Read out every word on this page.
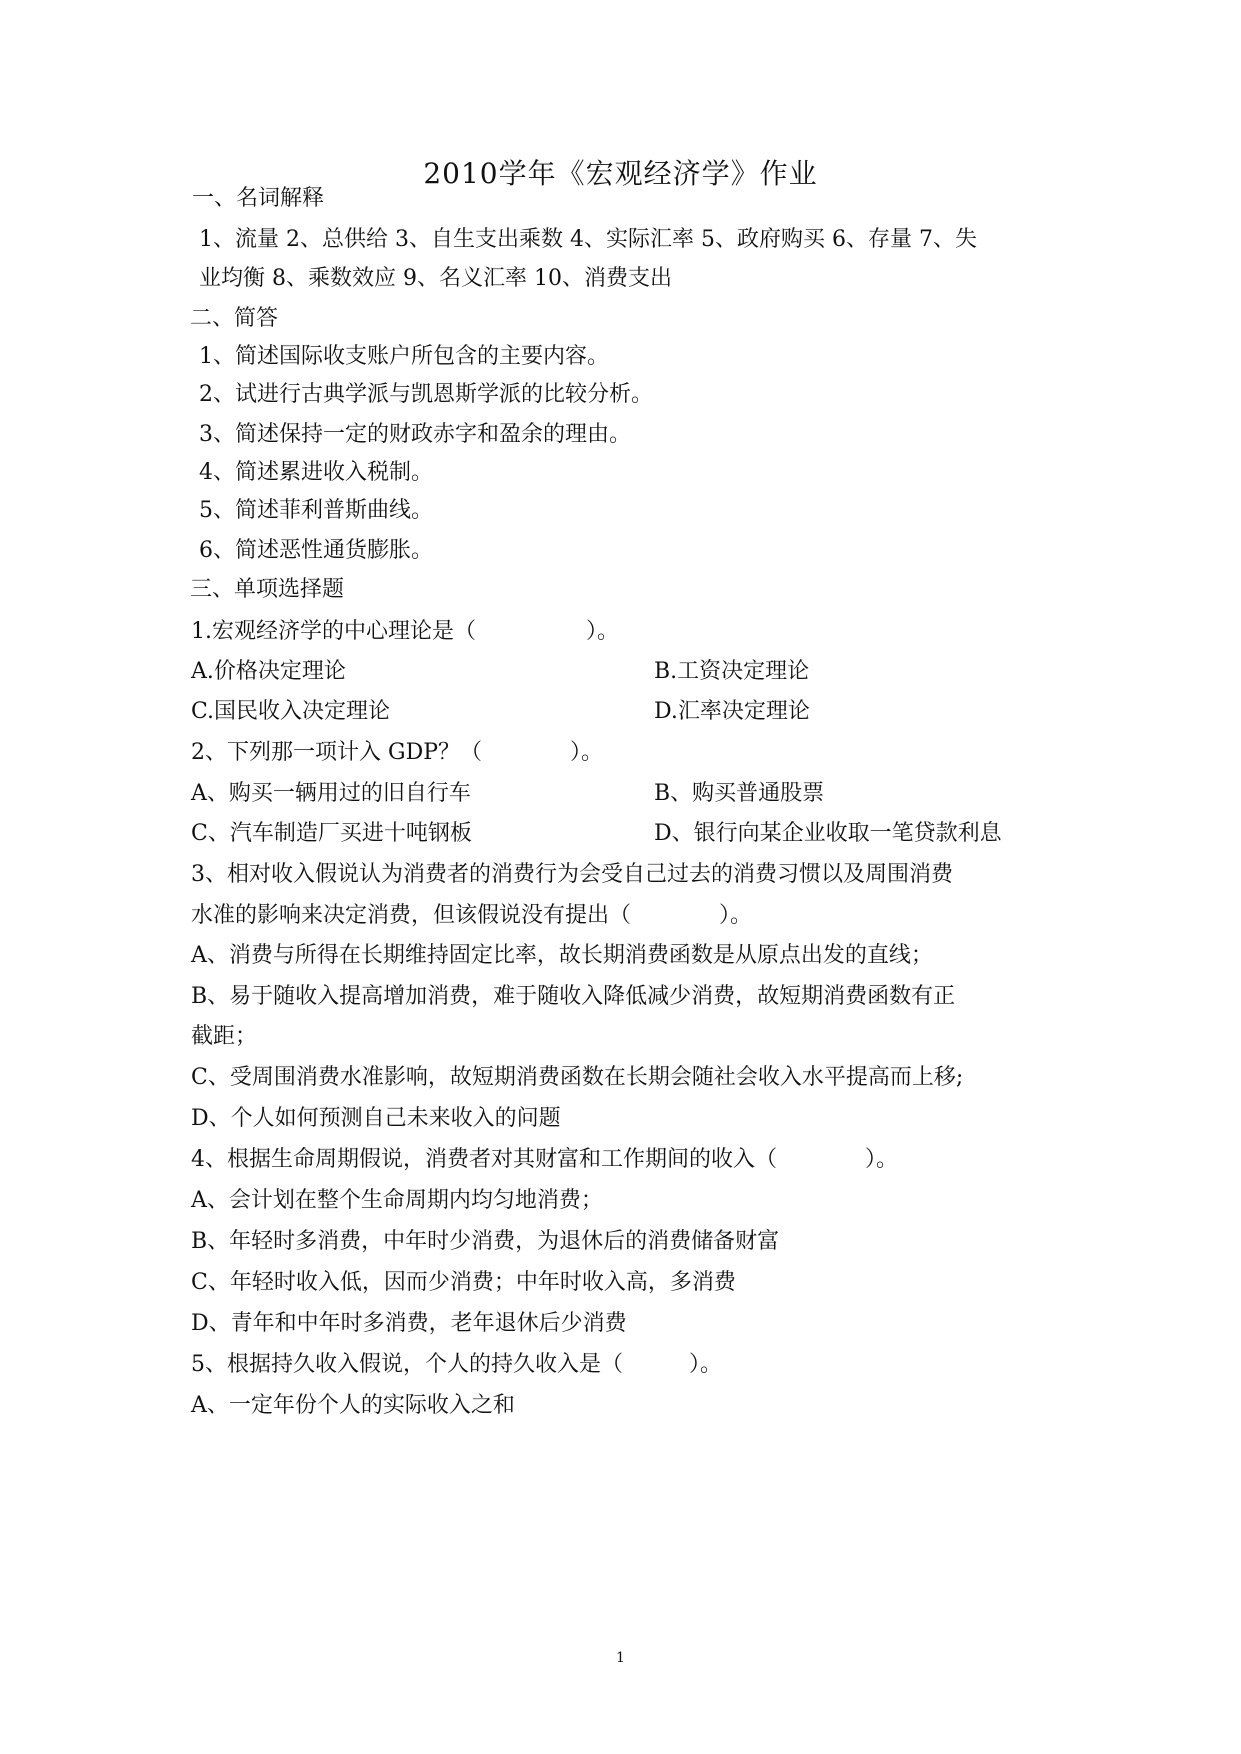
2010学年《宏观经济学》作业
一、名词解释
1、流量 2、总供给 3、自生支出乘数 4、实际汇率 5、政府购买 6、存量 7、失
业均衡 8、乘数效应 9、名义汇率 10、消费支出
二、简答
1、简述国际收支账户所包含的主要内容。
2、试进行古典学派与凯恩斯学派的比较分析。
3、简述保持一定的财政赤字和盈余的理由。
4、简述累进收入税制。
5、简述菲利普斯曲线。
6、简述恶性通货膨胀。
三、单项选择题
1.宏观经济学的中心理论是（　　　　　）。
A.价格决定理论	B.工资决定理论
C.国民收入决定理论	D.汇率决定理论
2、下列那一项计入 GDP？（　　　　）。
A、购买一辆用过的旧自行车	B、购买普通股票
C、汽车制造厂买进十吨钢板	D、银行向某企业收取一笔贷款利息
3、相对收入假说认为消费者的消费行为会受自己过去的消费习惯以及周围消费
水准的影响来决定消费，但该假说没有提出（　　　　）。
A、消费与所得在长期维持固定比率，故长期消费函数是从原点出发的直线；
B、易于随收入提高增加消费，难于随收入降低减少消费，故短期消费函数有正
截距；
C、受周围消费水准影响，故短期消费函数在长期会随社会收入水平提高而上移;
D、个人如何预测自己未来收入的问题
4、根据生命周期假说，消费者对其财富和工作期间的收入（　　　　）。
A、会计划在整个生命周期内均匀地消费；
B、年轻时多消费，中年时少消费，为退休后的消费储备财富
C、年轻时收入低，因而少消费；中年时收入高，多消费
D、青年和中年时多消费，老年退休后少消费
5、根据持久收入假说，个人的持久收入是（　　　）。
A、一定年份个人的实际收入之和
1
